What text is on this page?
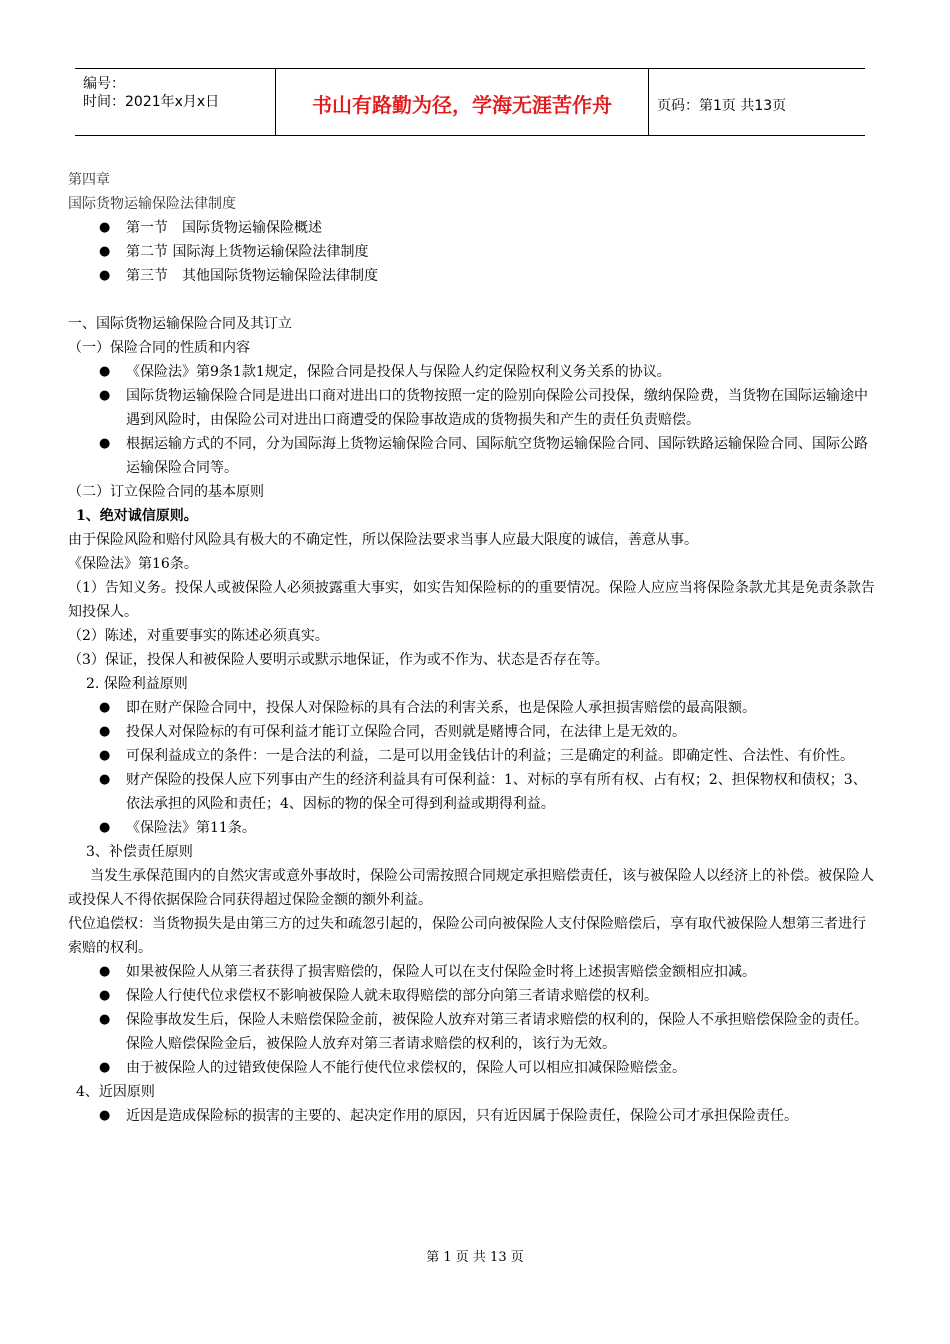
编号：
时间：2021年x月x日	书山有路勤为径，学海无涯苦作舟	页码：第1页 共13页
第四章
国际货物运输保险法律制度
● 第一节　国际货物运输保险概述
● 第二节 国际海上货物运输保险法律制度
● 第三节　其他国际货物运输保险法律制度
一、国际货物运输保险合同及其订立
（一）保险合同的性质和内容
● 《保险法》第9条1款1规定，保险合同是投保人与保险人约定保险权利义务关系的协议。
● 国际货物运输保险合同是进出口商对进出口的货物按照一定的险别向保险公司投保，缴纳保险费，当货物在国际运输途中遇到风险时，由保险公司对进出口商遭受的保险事故造成的货物损失和产生的责任负责赔偿。
● 根据运输方式的不同，分为国际海上货物运输保险合同、国际航空货物运输保险合同、国际铁路运输保险合同、国际公路运输保险合同等。
（二）订立保险合同的基本原则
1、绝对诚信原则。
由于保险风险和赔付风险具有极大的不确定性，所以保险法要求当事人应最大限度的诚信，善意从事。
《保险法》第16条。
（1）告知义务。投保人或被保险人必须披露重大事实，如实告知保险标的的重要情况。保险人应应当将保险条款尤其是免责条款告知投保人。
（2）陈述，对重要事实的陈述必须真实。
（3）保证，投保人和被保险人要明示或默示地保证，作为或不作为、状态是否存在等。
2. 保险利益原则
● 即在财产保险合同中，投保人对保险标的具有合法的利害关系，也是保险人承担损害赔偿的最高限额。
● 投保人对保险标的有可保利益才能订立保险合同，否则就是赌博合同，在法律上是无效的。
● 可保利益成立的条件：一是合法的利益，二是可以用金钱估计的利益；三是确定的利益。即确定性、合法性、有价性。
● 财产保险的投保人应下列事由产生的经济利益具有可保利益：1、对标的享有所有权、占有权；2、担保物权和债权；3、依法承担的风险和责任；4、因标的物的保全可得到利益或期得利益。
● 《保险法》第11条。
3、补偿责任原则
当发生承保范围内的自然灾害或意外事故时，保险公司需按照合同规定承担赔偿责任，该与被保险人以经济上的补偿。被保险人或投保人不得依据保险合同获得超过保险金额的额外利益。
代位追偿权：当货物损失是由第三方的过失和疏忽引起的，保险公司向被保险人支付保险赔偿后，享有取代被保险人想第三者进行索赔的权利。
● 如果被保险人从第三者获得了损害赔偿的，保险人可以在支付保险金时将上述损害赔偿金额相应扣减。
● 保险人行使代位求偿权不影响被保险人就未取得赔偿的部分向第三者请求赔偿的权利。
● 保险事故发生后，保险人未赔偿保险金前，被保险人放弃对第三者请求赔偿的权利的，保险人不承担赔偿保险金的责任。保险人赔偿保险金后，被保险人放弃对第三者请求赔偿的权利的，该行为无效。
● 由于被保险人的过错致使保险人不能行使代位求偿权的，保险人可以相应扣减保险赔偿金。
4、近因原则
● 近因是造成保险标的损害的主要的、起决定作用的原因，只有近因属于保险责任，保险公司才承担保险责任。
第 1 页 共 13 页
